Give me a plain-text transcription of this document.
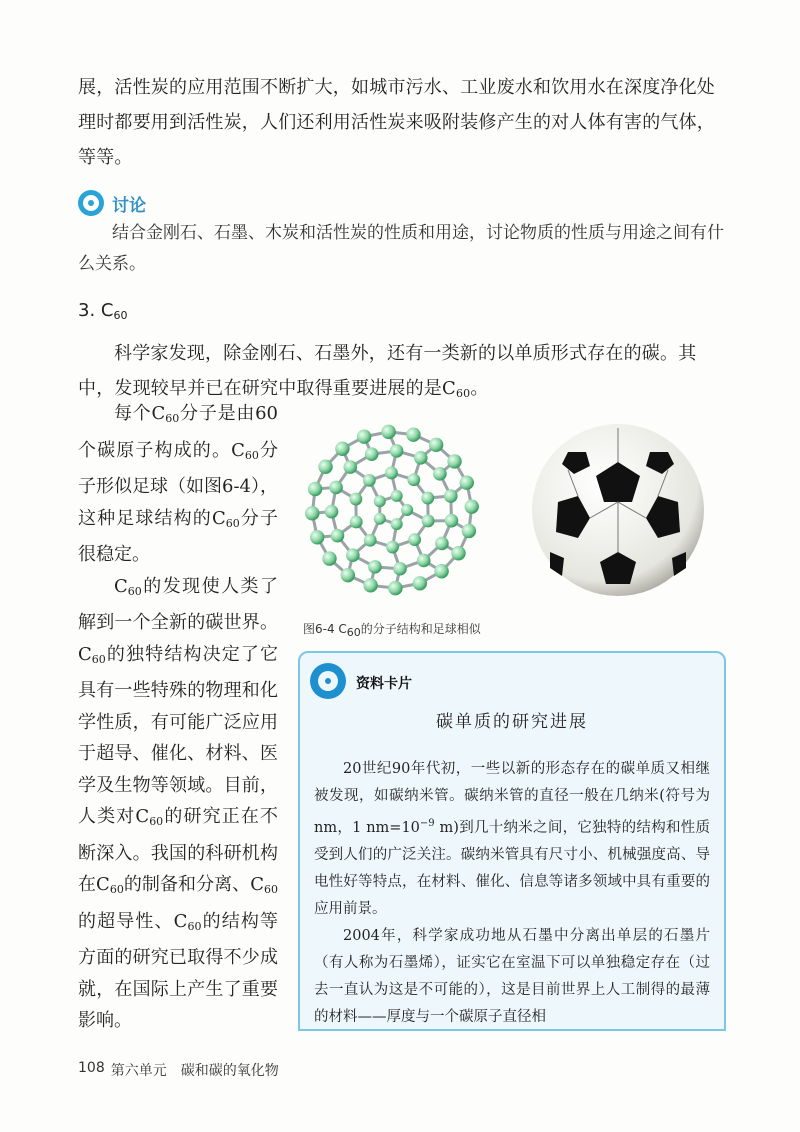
展，活性炭的应用范围不断扩大，如城市污水、工业废水和饮用水在深度净化处理时都要用到活性炭，人们还利用活性炭来吸附装修产生的对人体有害的气体，等等。

讨论

结合金刚石、石墨、木炭和活性炭的性质和用途，讨论物质的性质与用途之间有什么关系。

3. $C_{60}$

科学家发现，除金刚石、石墨外，还有一类新的以单质形式存在的碳。其中，发现较早并已在研究中取得重要进展的是$C_{60}$。

每个$C_{60}$分子是由60个碳原子构成的。$C_{60}$分子形似足球（如图6-4），这种足球结构的$C_{60}$分子很稳定。

$C_{60}$的发现使人类了解到一个全新的碳世界。$C_{60}$的独特结构决定了它具有一些特殊的物理和化学性质，有可能广泛应用于超导、催化、材料、医学及生物等领域。目前，人类对$C_{60}$的研究正在不断深入。我国的科研机构在$C_{60}$的制备和分离、$C_{60}$的超导性、$C_{60}$的结构等方面的研究已取得不少成就，在国际上产生了重要影响。

图6-4 $C_{60}$的分子结构和足球相似
资料卡片
碳单质的研究进展

20世纪90年代初，一些以新的形态存在的碳单质又相继被发现，如碳纳米管。碳纳米管的直径一般在几纳米(符号为nm，1 $nm=10^{-9}$ m)到几十纳米之间，它独特的结构和性质受到人们的广泛关注。碳纳米管具有尺寸小、机械强度高、导电性好等特点，在材料、催化、信息等诸多领域中具有重要的应用前景。

2004年，科学家成功地从石墨中分离出单层的石墨片（有人称为石墨烯），证实它在室温下可以单独稳定存在（过去一直认为这是不可能的），这是目前世界上人工制得的最薄的材料——厚度与一个碳原子直径相

108 第六单元 碳和碳的氧化物
